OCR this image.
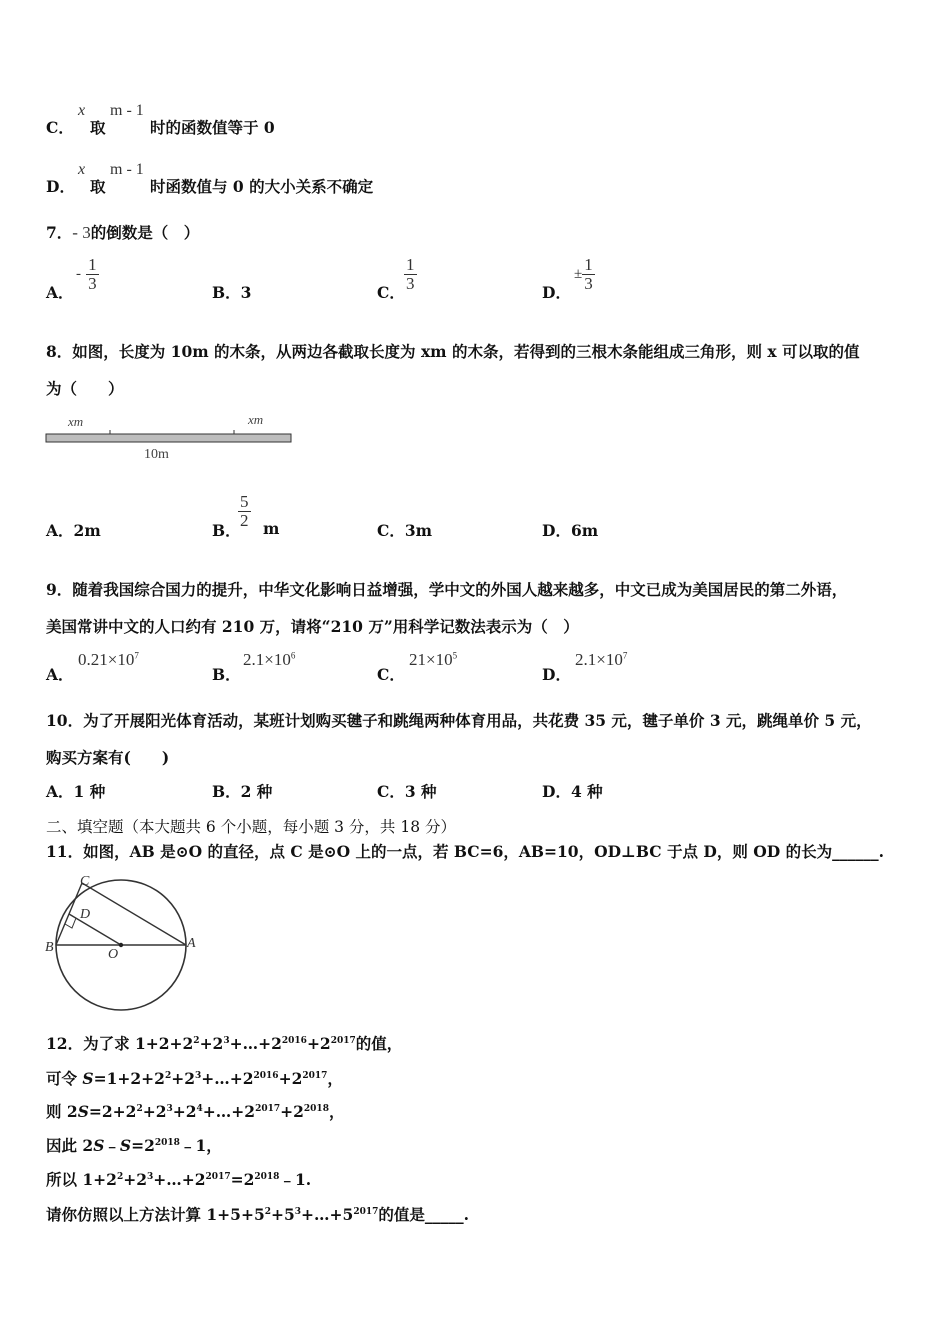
C．
x
取
m - 1
时的函数值等于 0
D．
x
取
m - 1
时函数值与 0 的大小关系不确定
7．- 3的倒数是（　）
A．
- $\frac{1}{3}$	B．3	C． $\frac{1}{3}$	D．
± $\frac{1}{3}$
8．如图，长度为 10m 的木条，从两边各截取长度为 xm 的木条，若得到的三根木条能组成三角形，则 x 可以取的值
为（　　）
xm	xm
10m
A．2m	B．
$\frac{5}{2}$ m	C．3m	D．6m
9．随着我国综合国力的提升，中华文化影响日益增强，学中文的外国人越来越多，中文已成为美国居民的第二外语，
美国常讲中文的人口约有 210 万，请将“210 万”用科学记数法表示为（　）
A．
$0.21\times 10^7$
B．
$2.1\times 10^6$
C．
$21\times 10^5$
D．
$2.1\times 10^7$
10．为了开展阳光体育活动，某班计划购买毽子和跳绳两种体育用品，共花费 35 元，毽子单价 3 元，跳绳单价 5 元，
购买方案有(　　)
A．1 种	B．2 种	C．3 种	D．4 种
二、填空题（本大题共 6 个小题，每小题 3 分，共 18 分）
11．如图，AB 是⊙O 的直径，点 C 是⊙O 上的一点，若 BC=6，AB=10，OD⊥BC 于点 D，则 OD 的长为______.
C
D
B	O
A
12．为了求 $1+2+2^2+2^3+\dots+2^{2016}+2^{2017}$的值，
可令 $S=1+2+2^2+2^3+\dots+2^{2016}+2^{2017}$，
则 $2S=2+2^2+2^3+2^4+\dots+2^{2017}+2^{2018}$，
因此 $2S﹣S=2^{2018}﹣1$，
所以 $1+2^2+2^3+\dots+2^{2017}=2^{2018}﹣1$.
请你仿照以上方法计算 $1+5+5^2+5^3+\dots+5^{2017}$的值是_____.
